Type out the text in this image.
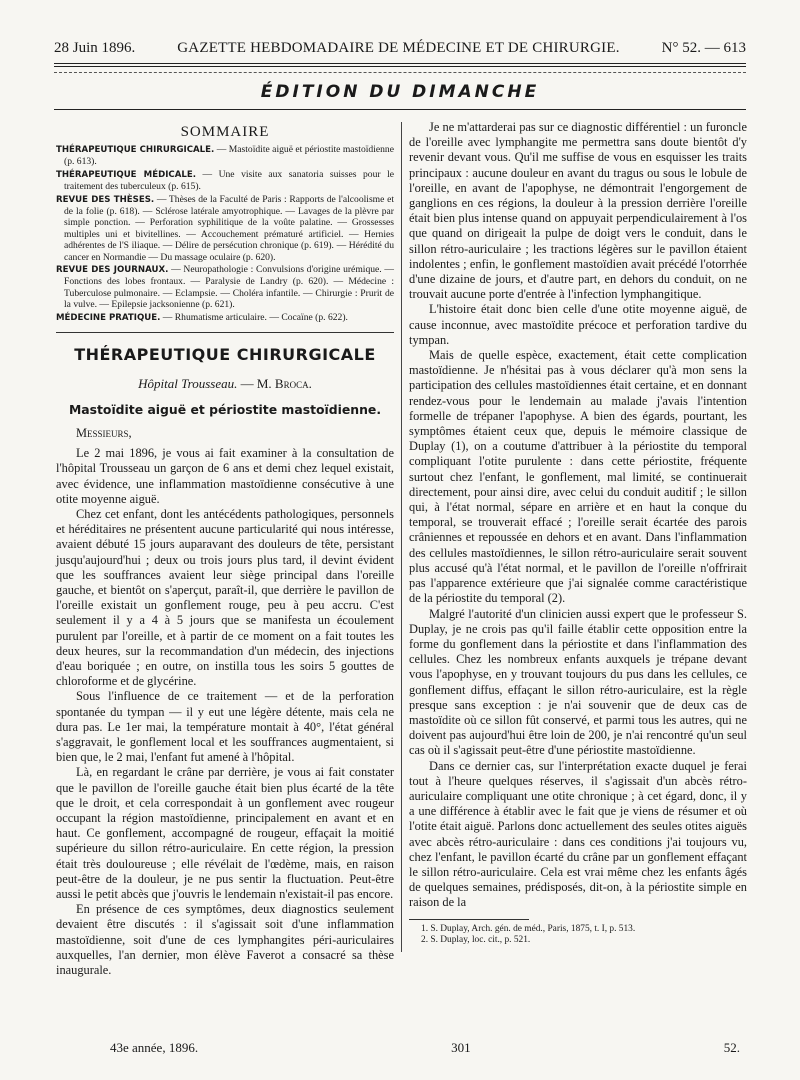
28 Juin 1896.	GAZETTE HEBDOMADAIRE DE MÉDECINE ET DE CHIRURGIE.	N° 52. — 613
ÉDITION DU DIMANCHE
SOMMAIRE

THÉRAPEUTIQUE CHIRURGICALE. — Mastoïdite aiguë et périostite mastoïdienne (p. 613).

THÉRAPEUTIQUE MÉDICALE. — Une visite aux sanatoria suisses pour le traitement des tuberculeux (p. 615).

REVUE DES THÈSES. — Thèses de la Faculté de Paris : Rapports de l'alcoolisme et de la folie (p. 618). — Sclérose latérale amyotrophique. — Lavages de la plèvre par simple ponction. — Perforation syphilitique de la voûte palatine. — Grossesses multiples uni et bivitellines. — Accouchement prématuré artificiel. — Hernies adhérentes de l'S iliaque. — Délire de persécution chronique (p. 619). — Hérédité du cancer en Normandie — Du massage oculaire (p. 620).

REVUE DES JOURNAUX. — Neuropathologie : Convulsions d'origine urémique. — Fonctions des lobes frontaux. — Paralysie de Landry (p. 620). — Médecine : Tuberculose pulmonaire. — Eclampsie. — Choléra infantile. — Chirurgie : Prurit de la vulve. — Epilepsie jacksonienne (p. 621).

MÉDECINE PRATIQUE. — Rhumatisme articulaire. — Cocaïne (p. 622).

THÉRAPEUTIQUE CHIRURGICALE
Hôpital Trousseau. — M. Broca.
Mastoïdite aiguë et périostite mastoïdienne.
Messieurs,

Le 2 mai 1896, je vous ai fait examiner à la consultation de l'hôpital Trousseau un garçon de 6 ans et demi chez lequel existait, avec évidence, une inflammation mastoïdienne consécutive à une otite moyenne aiguë.

Chez cet enfant, dont les antécédents pathologiques, personnels et héréditaires ne présentent aucune particularité qui nous intéresse, avaient débuté 15 jours auparavant des douleurs de tête, persistant jusqu'aujourd'hui ; deux ou trois jours plus tard, il devint évident que les souffrances avaient leur siège principal dans l'oreille gauche, et bientôt on s'aperçut, paraît-il, que derrière le pavillon de l'oreille existait un gonflement rouge, peu à peu accru. C'est seulement il y a 4 à 5 jours que se manifesta un écoulement purulent par l'oreille, et à partir de ce moment on a fait toutes les deux heures, sur la recommandation d'un médecin, des injections d'eau boriquée ; en outre, on instilla tous les soirs 5 gouttes de chloroforme et de glycérine.

Sous l'influence de ce traitement — et de la perforation spontanée du tympan — il y eut une légère détente, mais cela ne dura pas. Le 1er mai, la température montait à 40°, l'état général s'aggravait, le gonflement local et les souffrances augmentaient, si bien que, le 2 mai, l'enfant fut amené à l'hôpital.

Là, en regardant le crâne par derrière, je vous ai fait constater que le pavillon de l'oreille gauche était bien plus écarté de la tête que le droit, et cela correspondait à un gonflement avec rougeur occupant la région mastoïdienne, principalement en avant et en haut. Ce gonflement, accompagné de rougeur, effaçait la moitié supérieure du sillon rétro-auriculaire. En cette région, la pression était très douloureuse ; elle révélait de l'œdème, mais, en raison peut-être de la douleur, je ne pus sentir la fluctuation. Peut-être aussi le petit abcès que j'ouvris le lendemain n'existait-il pas encore.

En présence de ces symptômes, deux diagnostics seulement devaient être discutés : il s'agissait soit d'une inflammation mastoïdienne, soit d'une de ces lymphangites péri-auriculaires auxquelles, l'an dernier, mon élève Faverot a consacré sa thèse inaugurale.

Je ne m'attarderai pas sur ce diagnostic différentiel : un furoncle de l'oreille avec lymphangite me permettra sans doute bientôt d'y revenir devant vous. Qu'il me suffise de vous en esquisser les traits principaux : aucune douleur en avant du tragus ou sous le lobule de l'oreille, en avant de l'apophyse, ne démontrait l'engorgement de ganglions en ces régions, la douleur à la pression derrière l'oreille était bien plus intense quand on appuyait perpendiculairement à l'os que quand on dirigeait la pulpe de doigt vers le conduit, dans le sillon rétro-auriculaire ; les tractions légères sur le pavillon étaient indolentes ; enfin, le gonflement mastoïdien avait précédé l'otorrhée d'une dizaine de jours, et d'autre part, en dehors du conduit, on ne trouvait aucune porte d'entrée à l'infection lymphangitique.

L'histoire était donc bien celle d'une otite moyenne aiguë, de cause inconnue, avec mastoïdite précoce et perforation tardive du tympan.

Mais de quelle espèce, exactement, était cette complication mastoïdienne. Je n'hésitai pas à vous déclarer qu'à mon sens la participation des cellules mastoïdiennes était certaine, et en donnant rendez-vous pour le lendemain au malade j'avais l'intention formelle de trépaner l'apophyse. A bien des égards, pourtant, les symptômes étaient ceux que, depuis le mémoire classique de Duplay (1), on a coutume d'attribuer à la périostite du temporal compliquant l'otite purulente : dans cette périostite, fréquente surtout chez l'enfant, le gonflement, mal limité, se continuerait directement, pour ainsi dire, avec celui du conduit auditif ; le sillon qui, à l'état normal, sépare en arrière et en haut la conque du temporal, se trouverait effacé ; l'oreille serait écartée des parois crâniennes et repoussée en dehors et en avant. Dans l'inflammation des cellules mastoïdiennes, le sillon rétro-auriculaire serait souvent plus accusé qu'à l'état normal, et le pavillon de l'oreille n'offrirait pas l'apparence extérieure que j'ai signalée comme caractéristique de la périostite du temporal (2).

Malgré l'autorité d'un clinicien aussi expert que le professeur S. Duplay, je ne crois pas qu'il faille établir cette opposition entre la forme du gonflement dans la périostite et dans l'inflammation des cellules. Chez les nombreux enfants auxquels je trépane devant vous l'apophyse, en y trouvant toujours du pus dans les cellules, ce gonflement diffus, effaçant le sillon rétro-auriculaire, est la règle presque sans exception : je n'ai souvenir que de deux cas de mastoïdite où ce sillon fût conservé, et parmi tous les autres, qui ne doivent pas aujourd'hui être loin de 200, je n'ai rencontré qu'un seul cas où il s'agissait peut-être d'une périostite mastoïdienne.

Dans ce dernier cas, sur l'interprétation exacte duquel je ferai tout à l'heure quelques réserves, il s'agissait d'un abcès rétro-auriculaire compliquant une otite chronique ; à cet égard, donc, il y a une différence à établir avec le fait que je viens de résumer et où l'otite était aiguë. Parlons donc actuellement des seules otites aiguës avec abcès rétro-auriculaire : dans ces conditions j'ai toujours vu, chez l'enfant, le pavillon écarté du crâne par un gonflement effaçant le sillon rétro-auriculaire. Cela est vrai même chez les enfants âgés de quelques semaines, prédisposés, dit-on, à la périostite simple en raison de la

1. S. Duplay, Arch. gén. de méd., Paris, 1875, t. I, p. 513.

2. S. Duplay, loc. cit., p. 521.

43e année, 1896.	301	52.
